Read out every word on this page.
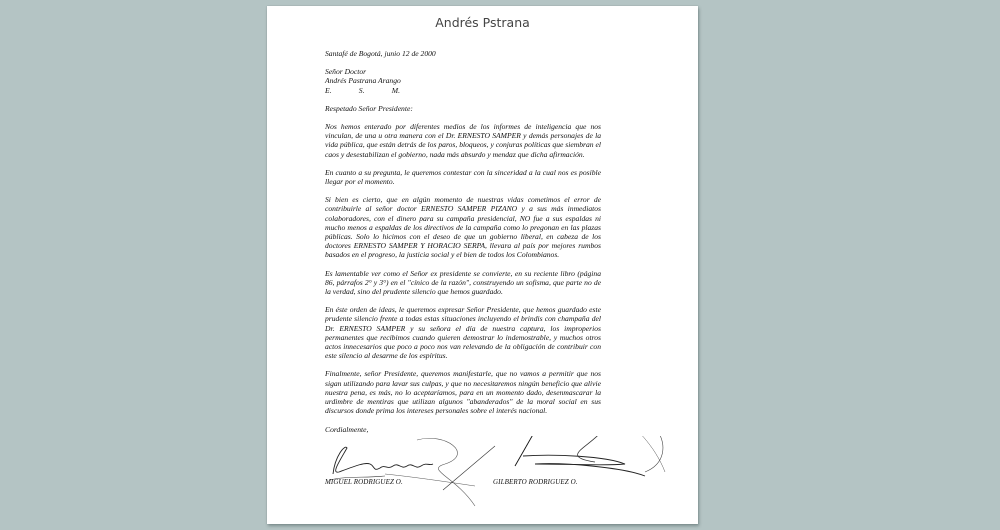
Andrés Pstrana

Santafé de Bogotá, junio 12 de 2000

Señor Doctor
Andrés Pastrana Arango
E.	S.	M.

Respetado Señor Presidente:

Nos hemos enterado por diferentes medios de los informes de inteligencia que nos vinculan, de una u otra manera con el Dr. ERNESTO SAMPER y demás personajes de la vida pública, que están detrás de los paros, bloqueos, y conjuras políticas que siembran el caos y desestabilizan el gobierno, nada más absurdo y mendaz que dicha afirmación.

En cuanto a su pregunta, le queremos contestar con la sinceridad a la cual nos es posible llegar por el momento.

Si bien es cierto, que en algún momento de nuestras vidas cometimos el error de contribuirle al señor doctor ERNESTO SAMPER PIZANO y a sus más inmediatos colaboradores, con el dinero para su campaña presidencial, NO fue a sus espaldas ni mucho menos a espaldas de los directivos de la campaña como lo pregonan en las plazas públicas. Solo lo hicimos con el deseo de que un gobierno liberal, en cabeza de los doctores ERNESTO SAMPER Y HORACIO SERPA, llevara al país por mejores rumbos basados en el progreso, la justicia social y el bien de todos los Colombianos.

Es lamentable ver como el Señor ex presidente se convierte, en su reciente libro (página 86, párrafos 2° y 3°) en el "cínico de la razón", construyendo un sofisma, que parte no de la verdad, sino del prudente silencio que hemos guardado.

En éste orden de ideas, le queremos expresar Señor Presidente, que hemos guardado este prudente silencio frente a todas estas situaciones incluyendo el brindis con champaña del Dr. ERNESTO SAMPER y su señora el día de nuestra captura, los improperios permanentes que recibimos cuando quieren demostrar lo indemostrable, y muchos otros actos innecesarios que poco a poco nos van relevando de la obligación de contribuir con este silencio al desarme de los espíritus.

Finalmente, señor Presidente, queremos manifestarle, que no vamos a permitir que nos sigan utilizando para lavar sus culpas, y que no necesitaremos ningún beneficio que alivie nuestra pena, es más, no lo aceptaríamos, para en un momento dado, desenmascarar la urdimbre de mentiras que utilizan algunos "abanderados" de la moral social en sus discursos donde prima los intereses personales sobre el interés nacional.

Cordialmente,

MIGUEL RODRIGUEZ O.	GILBERTO RODRIGUEZ O.
